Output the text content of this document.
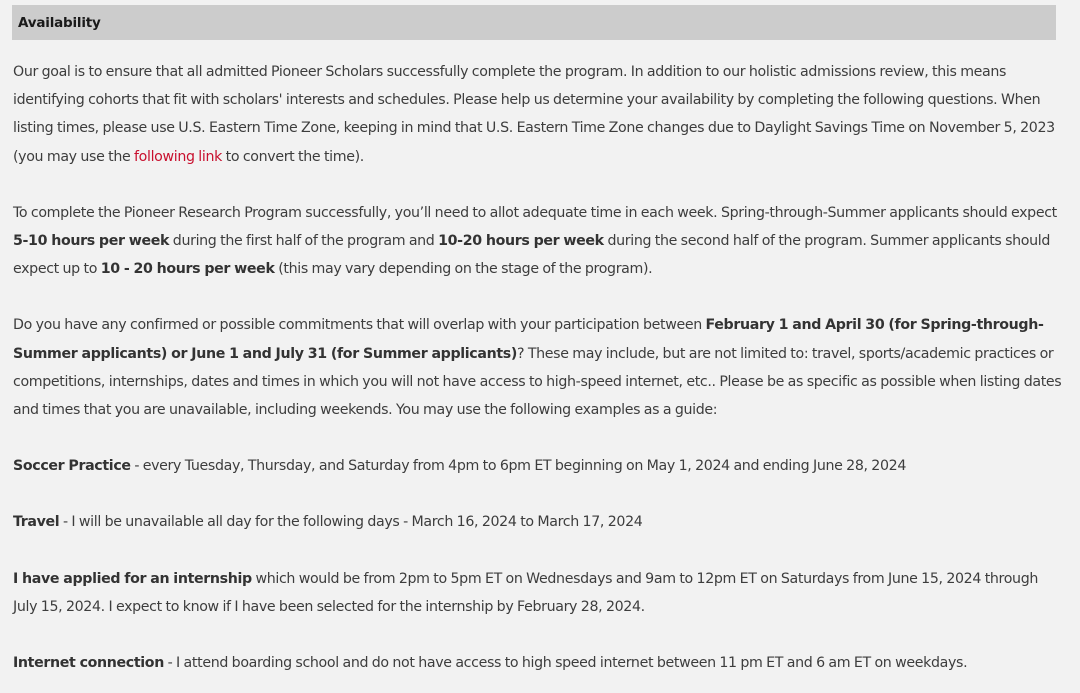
Availability

Our goal is to ensure that all admitted Pioneer Scholars successfully complete the program. In addition to our holistic admissions review, this means identifying cohorts that fit with scholars' interests and schedules. Please help us determine your availability by completing the following questions. When listing times, please use U.S. Eastern Time Zone, keeping in mind that U.S. Eastern Time Zone changes due to Daylight Savings Time on November 5, 2023 (you may use the following link to convert the time).

To complete the Pioneer Research Program successfully, you’ll need to allot adequate time in each week. Spring-through-Summer applicants should expect 5-10 hours per week during the first half of the program and 10-20 hours per week during the second half of the program. Summer applicants should expect up to 10 - 20 hours per week (this may vary depending on the stage of the program).

Do you have any confirmed or possible commitments that will overlap with your participation between February 1 and April 30 (for Spring-through-Summer applicants) or June 1 and July 31 (for Summer applicants)? These may include, but are not limited to: travel, sports/academic practices or competitions, internships, dates and times in which you will not have access to high-speed internet, etc.. Please be as specific as possible when listing dates and times that you are unavailable, including weekends. You may use the following examples as a guide:

Soccer Practice - every Tuesday, Thursday, and Saturday from 4pm to 6pm ET beginning on May 1, 2024 and ending June 28, 2024

Travel - I will be unavailable all day for the following days - March 16, 2024 to March 17, 2024

I have applied for an internship which would be from 2pm to 5pm ET on Wednesdays and 9am to 12pm ET on Saturdays from June 15, 2024 through July 15, 2024. I expect to know if I have been selected for the internship by February 28, 2024.

Internet connection - I attend boarding school and do not have access to high speed internet between 11 pm ET and 6 am ET on weekdays.
